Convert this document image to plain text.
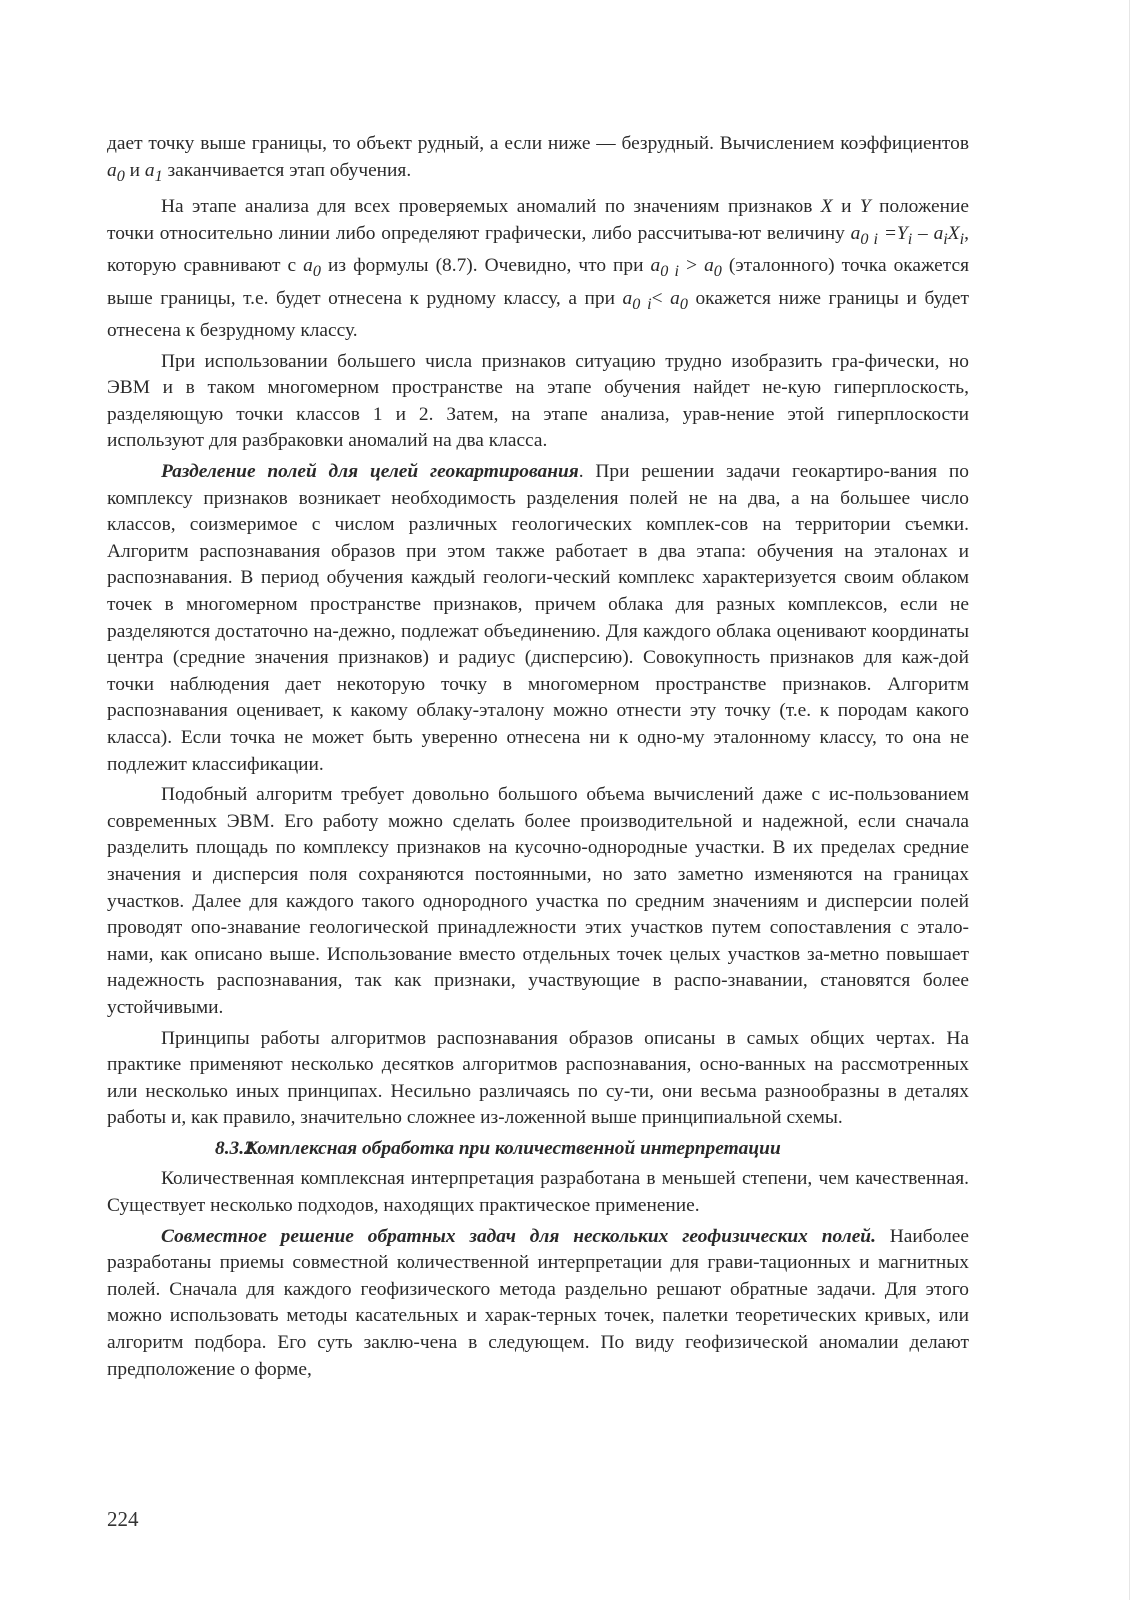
дает точку выше границы, то объект рудный, а если ниже — безрудный. Вычислением коэффициентов $a_0$ и $a_1$ заканчивается этап обучения.

На этапе анализа для всех проверяемых аномалий по значениям признаков X и Y положение точки относительно линии либо определяют графически, либо рассчитыва-ют величину $a_{0 i} =Y_i - a_iX_i$, которую сравнивают с $a_0$ из формулы (8.7). Очевидно, что при $a_{0 i} > a_0$ (эталонного) точка окажется выше границы, т.е. будет отнесена к рудному классу, а при $a_{0 i}< a_0$ окажется ниже границы и будет отнесена к безрудному классу.

При использовании большего числа признаков ситуацию трудно изобразить гра-фически, но ЭВМ и в таком многомерном пространстве на этапе обучения найдет не-кую гиперплоскость, разделяющую точки классов 1 и 2. Затем, на этапе анализа, урав-нение этой гиперплоскости используют для разбраковки аномалий на два класса.

Разделение полей для целей геокартирования. При решении задачи геокартиро-вания по комплексу признаков возникает необходимость разделения полей не на два, а на большее число классов, соизмеримое с числом различных геологических комплек-сов на территории съемки. Алгоритм распознавания образов при этом также работает в два этапа: обучения на эталонах и распознавания. В период обучения каждый геологи-ческий комплекс характеризуется своим облаком точек в многомерном пространстве признаков, причем облака для разных комплексов, если не разделяются достаточно на-дежно, подлежат объединению. Для каждого облака оценивают координаты центра (средние значения признаков) и радиус (дисперсию). Совокупность признаков для каж-дой точки наблюдения дает некоторую точку в многомерном пространстве признаков. Алгоритм распознавания оценивает, к какому облаку-эталону можно отнести эту точку (т.е. к породам какого класса). Если точка не может быть уверенно отнесена ни к одно-му эталонному классу, то она не подлежит классификации.

Подобный алгоритм требует довольно большого объема вычислений даже с ис-пользованием современных ЭВМ. Его работу можно сделать более производительной и надежной, если сначала разделить площадь по комплексу признаков на кусочно-однородные участки. В их пределах средние значения и дисперсия поля сохраняются постоянными, но зато заметно изменяются на границах участков. Далее для каждого такого однородного участка по средним значениям и дисперсии полей проводят опо-знавание геологической принадлежности этих участков путем сопоставления с этало-нами, как описано выше. Использование вместо отдельных точек целых участков за-метно повышает надежность распознавания, так как признаки, участвующие в распо-знавании, становятся более устойчивыми.

Принципы работы алгоритмов распознавания образов описаны в самых общих чертах. На практике применяют несколько десятков алгоритмов распознавания, осно-ванных на рассмотренных или несколько иных принципах. Несильно различаясь по су-ти, они весьма разнообразны в деталях работы и, как правило, значительно сложнее из-ложенной выше принципиальной схемы.

8.3.2Комплексная обработка при количественной интерпретации

Количественная комплексная интерпретация разработана в меньшей степени, чем качественная. Существует несколько подходов, находящих практическое применение.

Совместное решение обратных задач для нескольких геофизических полей. Наиболее разработаны приемы совместной количественной интерпретации для грави-тационных и магнитных полей. Сначала для каждого геофизического метода раздельно решают обратные задачи. Для этого можно использовать методы касательных и харак-терных точек, палетки теоретических кривых, или алгоритм подбора. Его суть заклю-чена в следующем. По виду геофизической аномалии делают предположение о форме,

224
